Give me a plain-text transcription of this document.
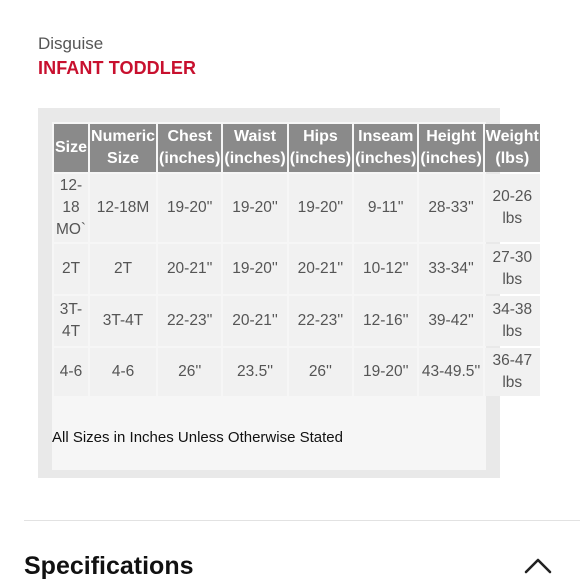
Disguise
INFANT TODDLER
Size	Numeric Size	Chest (inches)	Waist (inches)	Hips (inches)	Inseam (inches)	Height (inches)	Weight (lbs)
12-18 MO`	12-18M	19-20''	19-20''	19-20''	9-11''	28-33''	20-26 lbs
2T	2T	20-21''	19-20''	20-21''	10-12''	33-34''	27-30 lbs
3T-4T	3T-4T	22-23''	20-21''	22-23''	12-16''	39-42''	34-38 lbs
4-6	4-6	26''	23.5''	26''	19-20''	43-49.5''	36-47 lbs
All Sizes in Inches Unless Otherwise Stated
Specifications
